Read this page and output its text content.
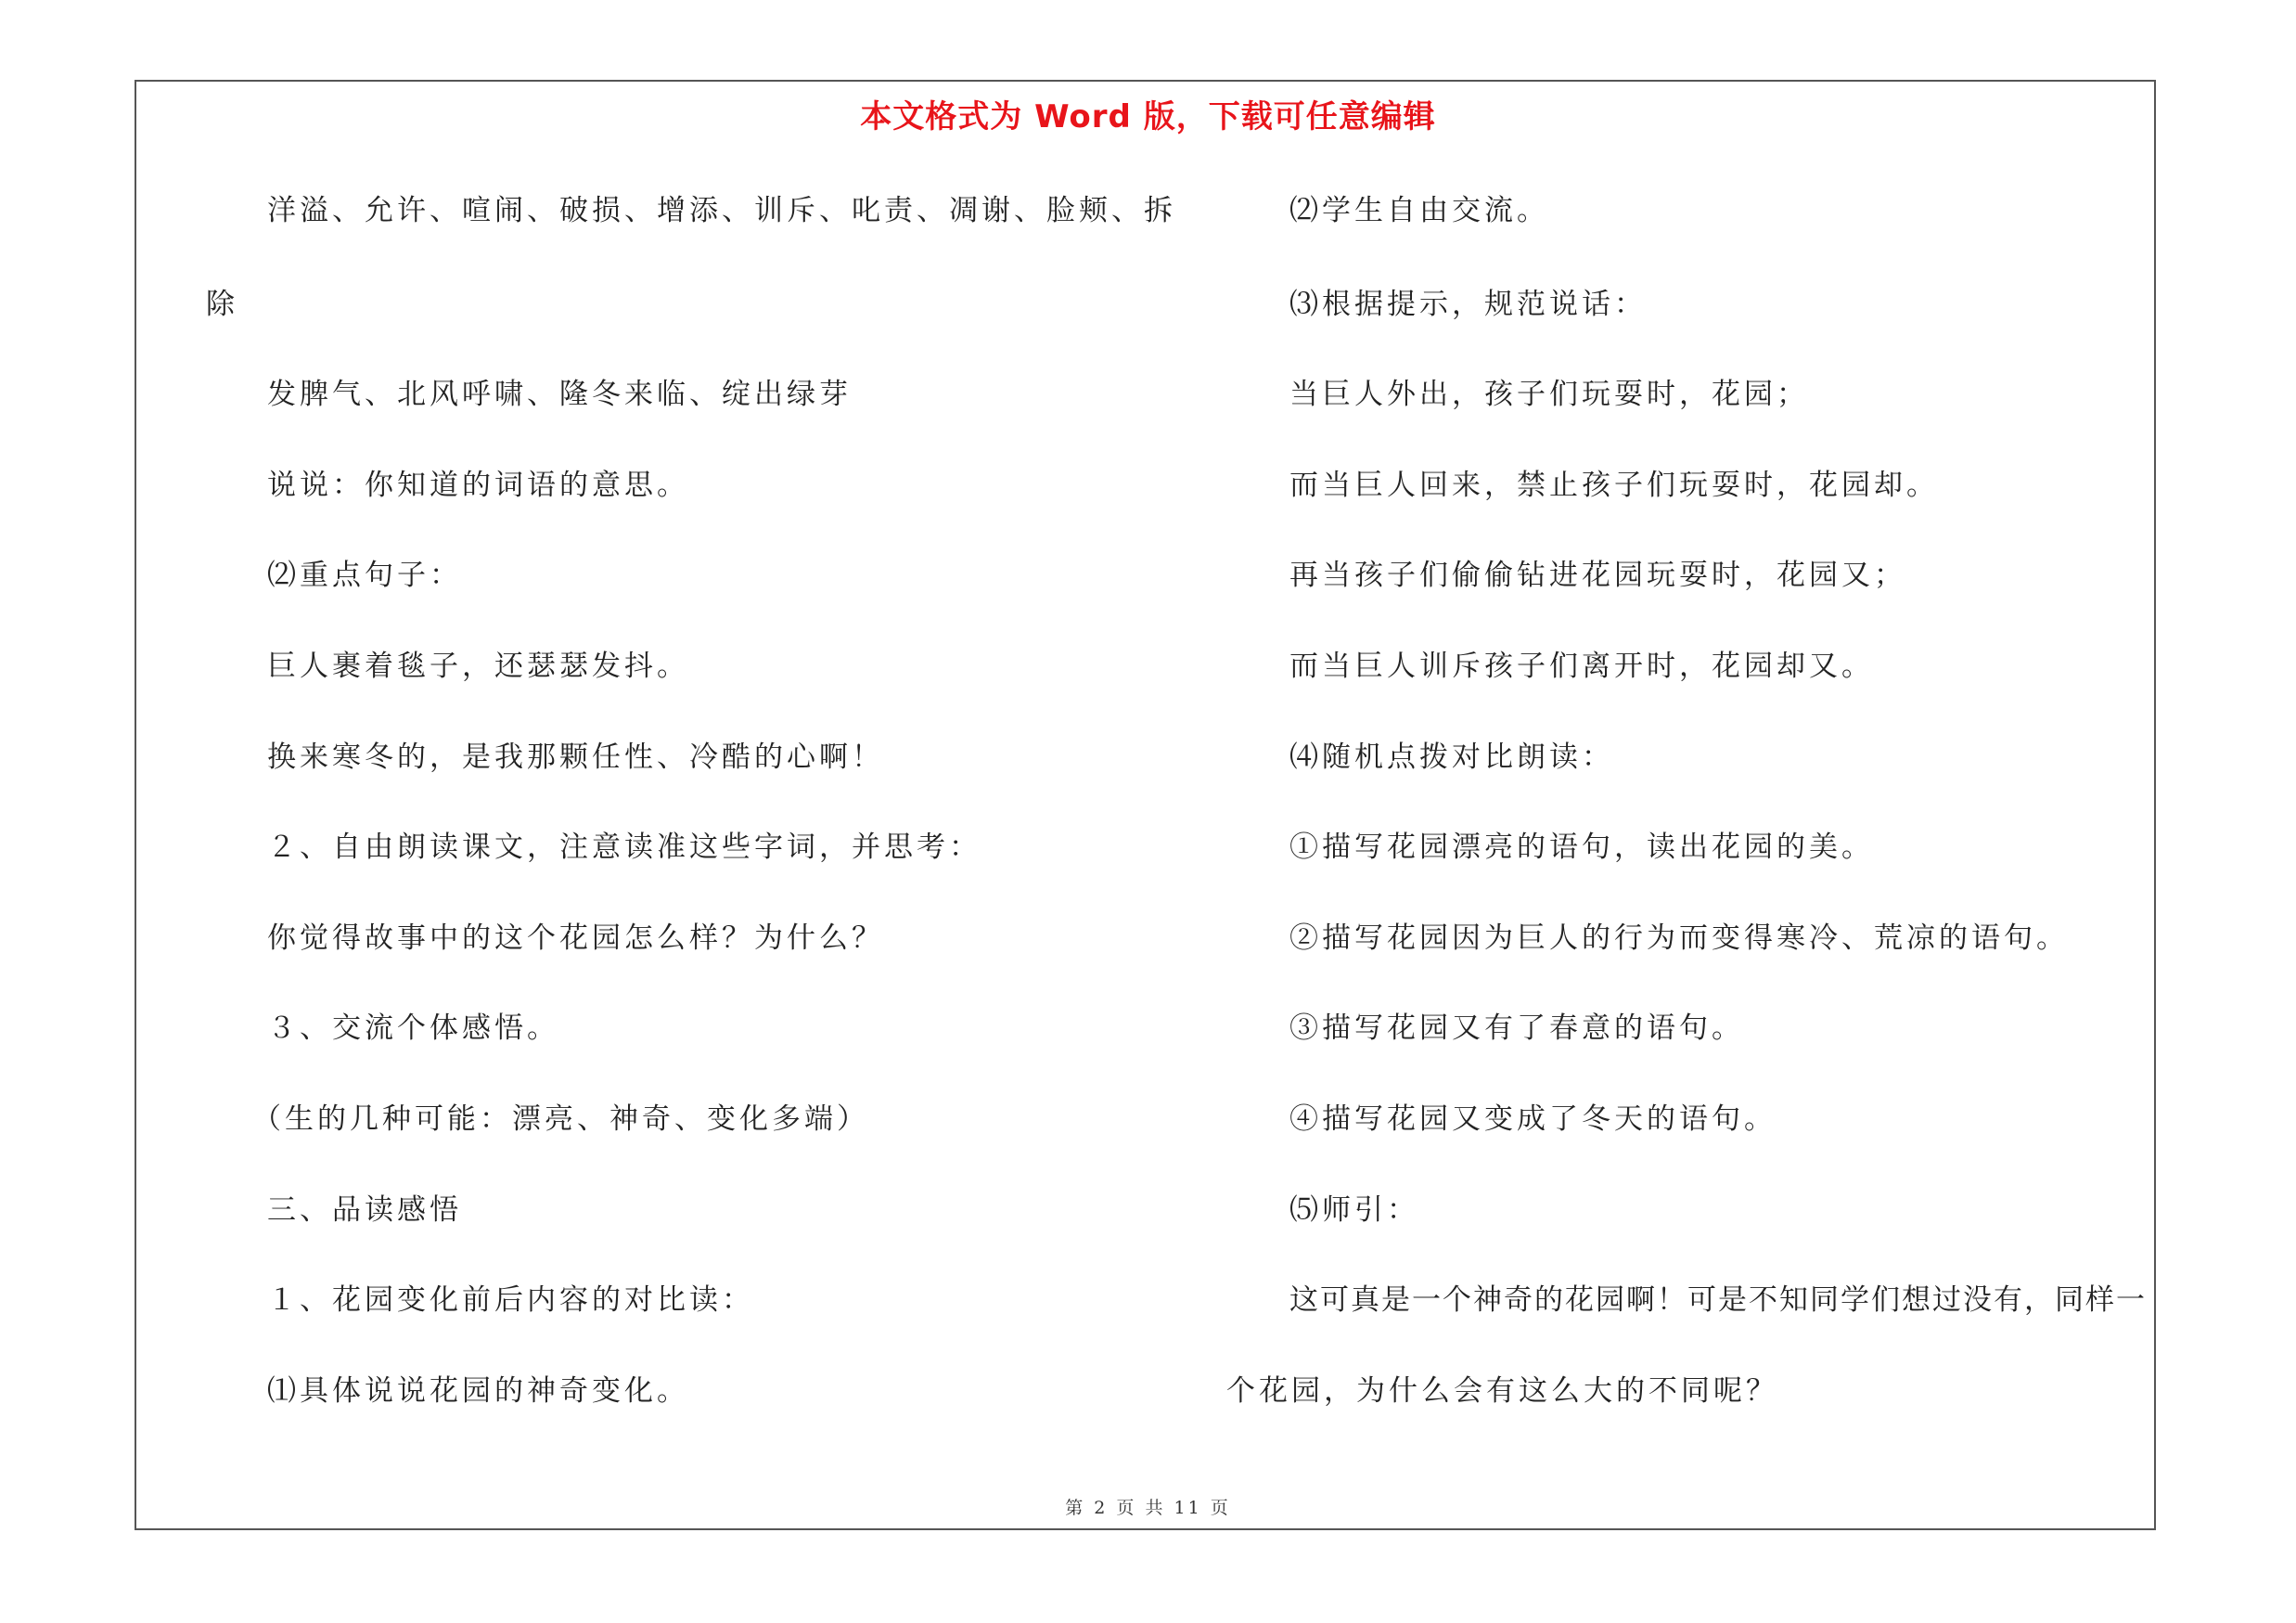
本文格式为 Word 版，下载可任意编辑
洋溢、允许、喧闹、破损、增添、训斥、叱责、凋谢、脸颊、拆
除
发脾气、北风呼啸、隆冬来临、绽出绿芽
说说：你知道的词语的意思。
⑵重点句子：
巨人裹着毯子，还瑟瑟发抖。
换来寒冬的，是我那颗任性、冷酷的心啊！
２、自由朗读课文，注意读准这些字词，并思考：
你觉得故事中的这个花园怎么样？为什么？
３、交流个体感悟。
（生的几种可能：漂亮、神奇、变化多端）
三、品读感悟
１、花园变化前后内容的对比读：
⑴具体说说花园的神奇变化。
⑵学生自由交流。
⑶根据提示，规范说话：
当巨人外出，孩子们玩耍时，花园；
而当巨人回来，禁止孩子们玩耍时，花园却。
再当孩子们偷偷钻进花园玩耍时，花园又；
而当巨人训斥孩子们离开时，花园却又。
⑷随机点拨对比朗读：
①描写花园漂亮的语句，读出花园的美。
②描写花园因为巨人的行为而变得寒冷、荒凉的语句。
③描写花园又有了春意的语句。
④描写花园又变成了冬天的语句。
⑸师引：
这可真是一个神奇的花园啊！可是不知同学们想过没有，同样一
个花园，为什么会有这么大的不同呢？
第 2 页 共 11 页
